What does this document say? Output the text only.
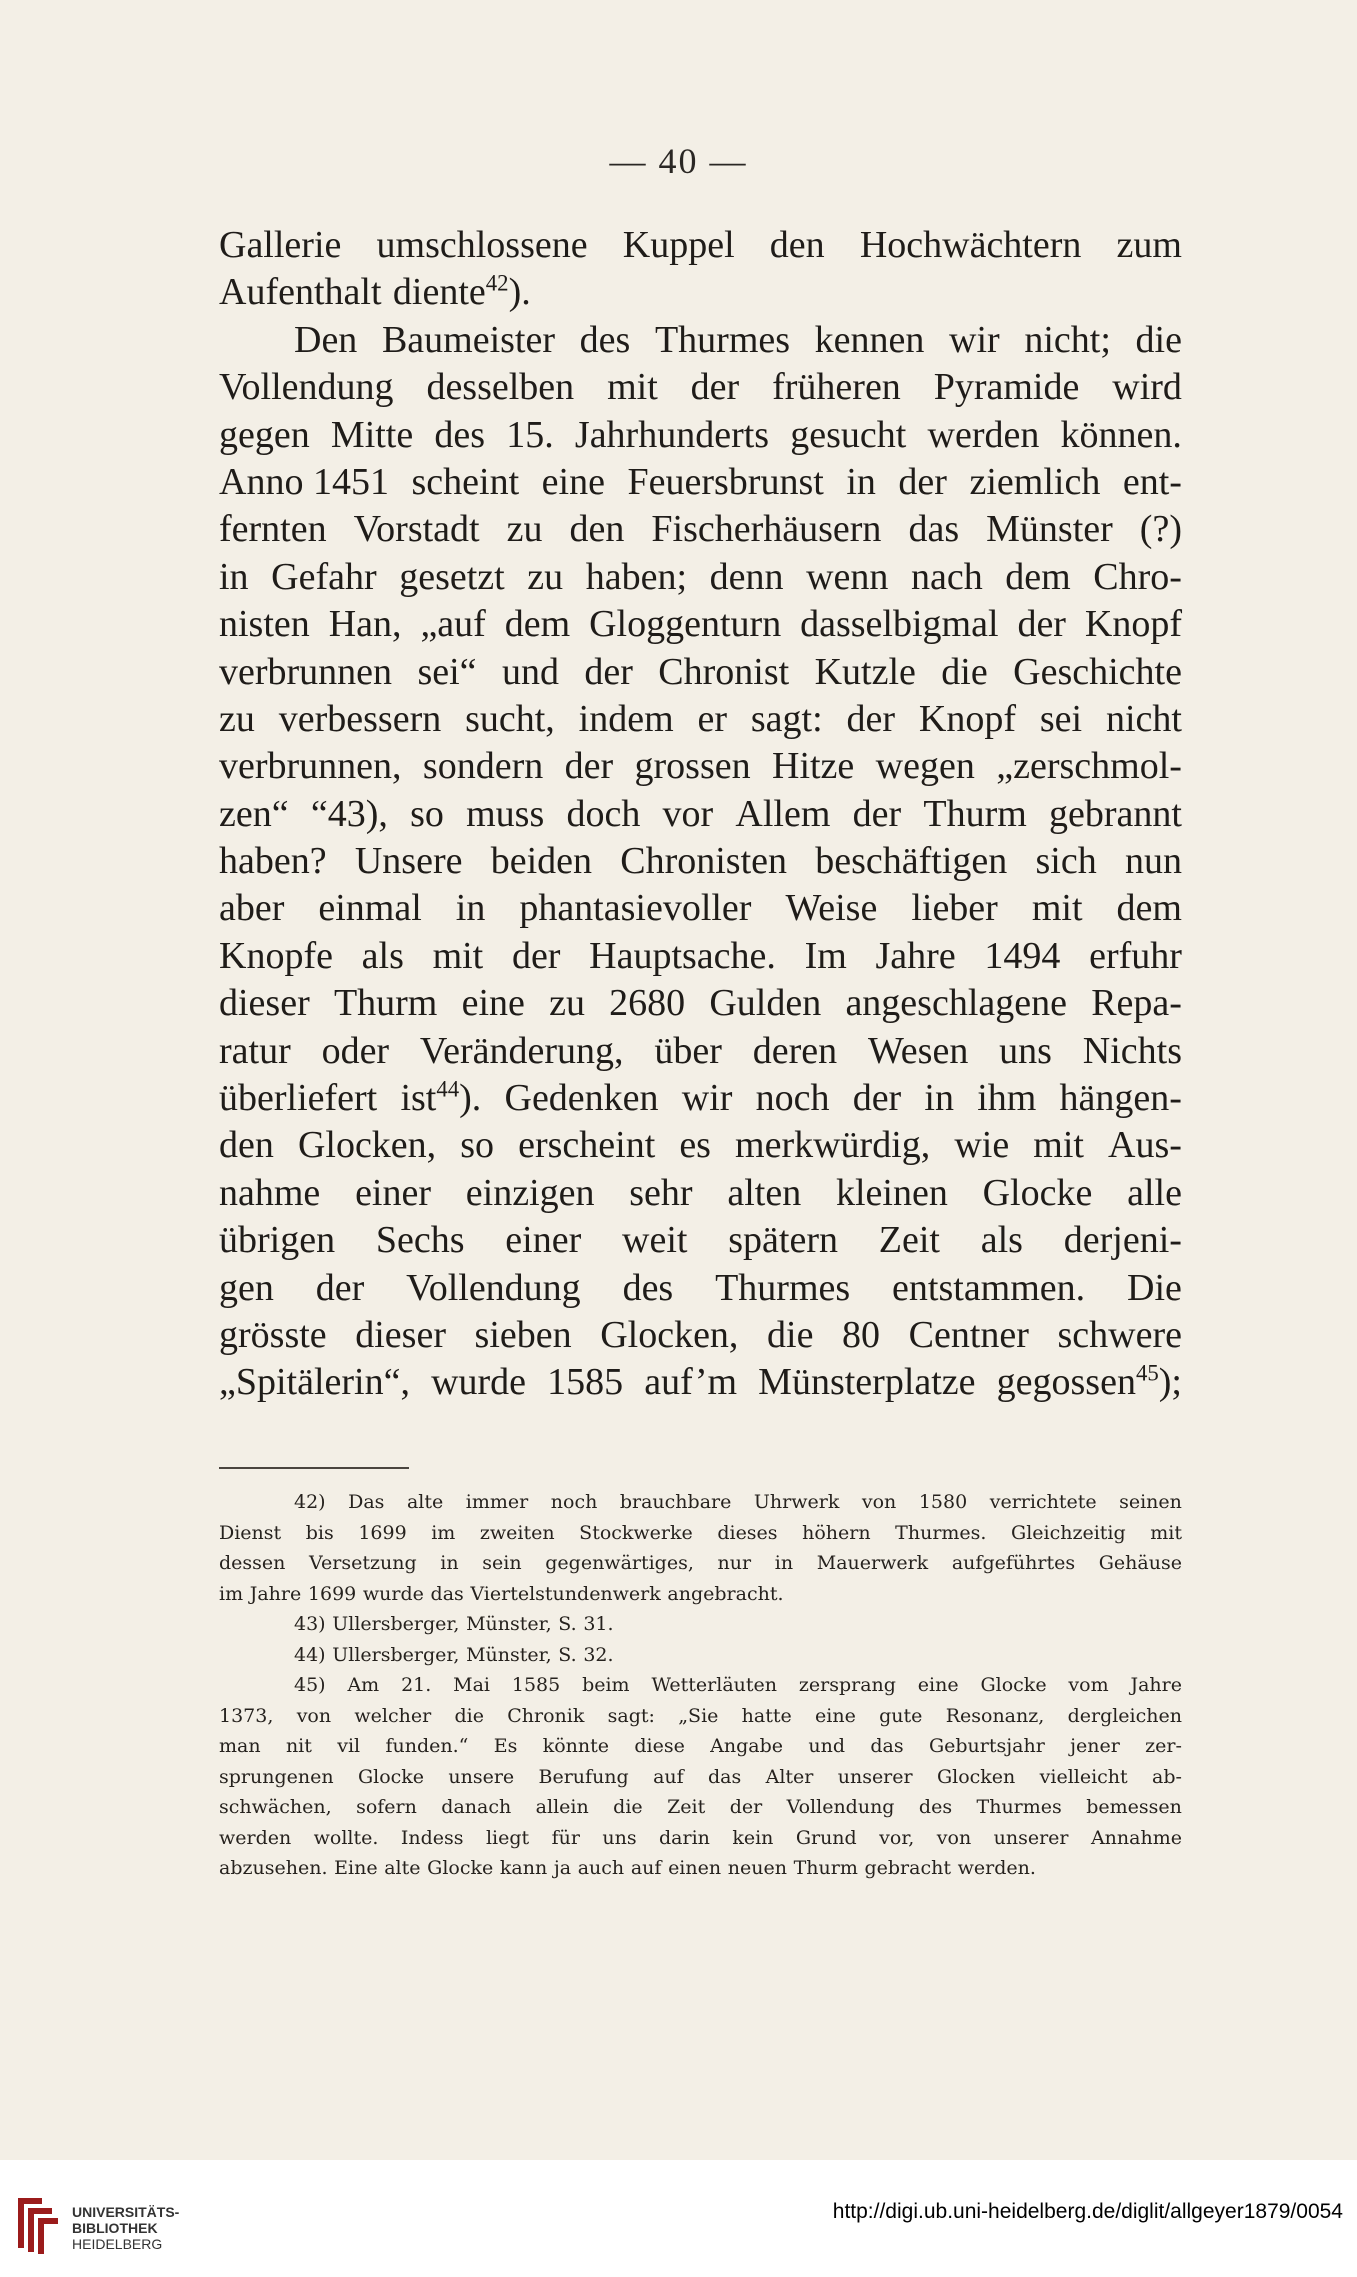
— 40 —
Gallerie umschlossene Kuppel den Hochwächtern zum
Aufenthalt diente$^{42}$).
Den Baumeister des Thurmes kennen wir nicht; die
Vollendung desselben mit der früheren Pyramide wird
gegen Mitte des 15. Jahrhunderts gesucht werden können.
Anno 1451 scheint eine Feuersbrunst in der ziemlich ent-
fernten Vorstadt zu den Fischerhäusern das Münster (?)
in Gefahr gesetzt zu haben; denn wenn nach dem Chro-
nisten Han, „auf dem Gloggenturn dasselbigmal der Knopf
verbrunnen sei“ und der Chronist Kutzle die Geschichte
zu verbessern sucht, indem er sagt: der Knopf sei nicht
verbrunnen, sondern der grossen Hitze wegen „zerschmol-
zen“ “43), so muss doch vor Allem der Thurm gebrannt
haben? Unsere beiden Chronisten beschäftigen sich nun
aber einmal in phantasievoller Weise lieber mit dem
Knopfe als mit der Hauptsache. Im Jahre 1494 erfuhr
dieser Thurm eine zu 2680 Gulden angeschlagene Repa-
ratur oder Veränderung, über deren Wesen uns Nichts
überliefert ist$^{44}$). Gedenken wir noch der in ihm hängen-
den Glocken, so erscheint es merkwürdig, wie mit Aus-
nahme einer einzigen sehr alten kleinen Glocke alle
übrigen Sechs einer weit spätern Zeit als derjeni-
gen der Vollendung des Thurmes entstammen. Die
grösste dieser sieben Glocken, die 80 Centner schwere
„Spitälerin“, wurde 1585 auf’m Münsterplatze gegossen$^{45}$);
42) Das alte immer noch brauchbare Uhrwerk von 1580 verrichtete seinen
Dienst bis 1699 im zweiten Stockwerke dieses höhern Thurmes. Gleichzeitig mit
dessen Versetzung in sein gegenwärtiges, nur in Mauerwerk aufgeführtes Gehäuse
im Jahre 1699 wurde das Viertelstundenwerk angebracht.
43) Ullersberger, Münster, S. 31.
44) Ullersberger, Münster, S. 32.
45) Am 21. Mai 1585 beim Wetterläuten zersprang eine Glocke vom Jahre
1373, von welcher die Chronik sagt: „Sie hatte eine gute Resonanz, dergleichen
man nit vil funden.“ Es könnte diese Angabe und das Geburtsjahr jener zer-
sprungenen Glocke unsere Berufung auf das Alter unserer Glocken vielleicht ab-
schwächen, sofern danach allein die Zeit der Vollendung des Thurmes bemessen
werden wollte. Indess liegt für uns darin kein Grund vor, von unserer Annahme
abzusehen. Eine alte Glocke kann ja auch auf einen neuen Thurm gebracht werden.
UNIVERSITÄTS-
BIBLIOTHEK
HEIDELBERG
http://digi.ub.uni-heidelberg.de/diglit/allgeyer1879/0054
